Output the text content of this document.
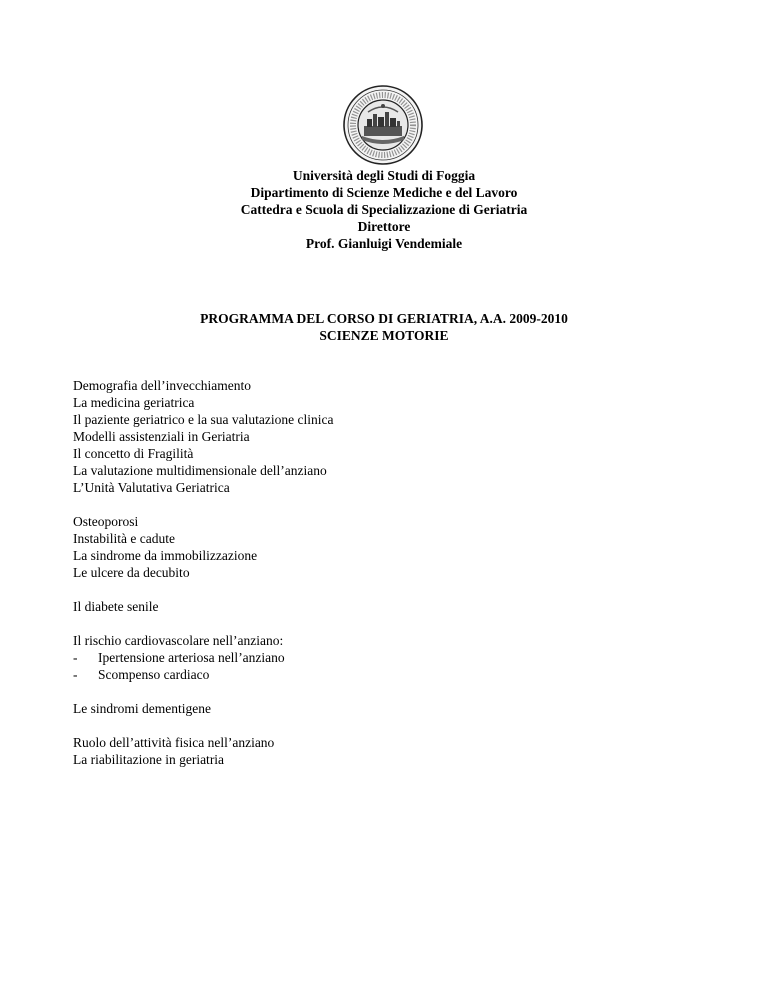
Università degli Studi di Foggia
Dipartimento di Scienze Mediche e del Lavoro
Cattedra e Scuola di Specializzazione di Geriatria
Direttore
Prof. Gianluigi Vendemiale
PROGRAMMA DEL CORSO DI GERIATRIA, A.A. 2009-2010
SCIENZE MOTORIE
Demografia dell’invecchiamento
La medicina geriatrica
Il paziente geriatrico e la sua valutazione clinica
Modelli assistenziali in Geriatria
Il concetto di Fragilità
La valutazione multidimensionale dell’anziano
L’Unità Valutativa Geriatrica
Osteoporosi
Instabilità e cadute
La sindrome da immobilizzazione
Le ulcere da decubito
Il diabete senile
Il rischio cardiovascolare nell’anziano:
- Ipertensione arteriosa nell’anziano
- Scompenso cardiaco
Le sindromi dementigene
Ruolo dell’attività fisica nell’anziano
La riabilitazione in geriatria
